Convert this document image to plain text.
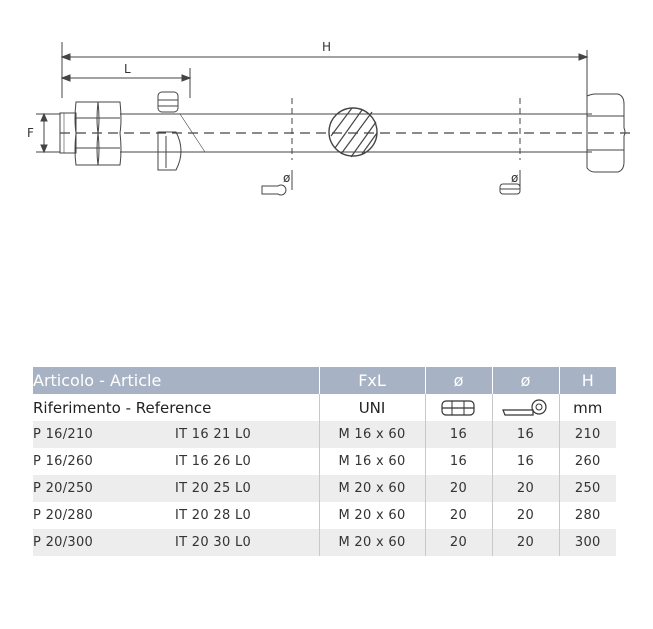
H
L
F
ø	ø
Articolo - Article		FxL	ø	ø	H
Riferimento - Reference		UNI			mm
P 16/210	IT 16 21 L0	M 16 x 60	16	16	210
P 16/260	IT 16 26 L0	M 16 x 60	16	16	260
P 20/250	IT 20 25 L0	M 20 x 60	20	20	250
P 20/280	IT 20 28 L0	M 20 x 60	20	20	280
P 20/300	IT 20 30 L0	M 20 x 60	20	20	300
